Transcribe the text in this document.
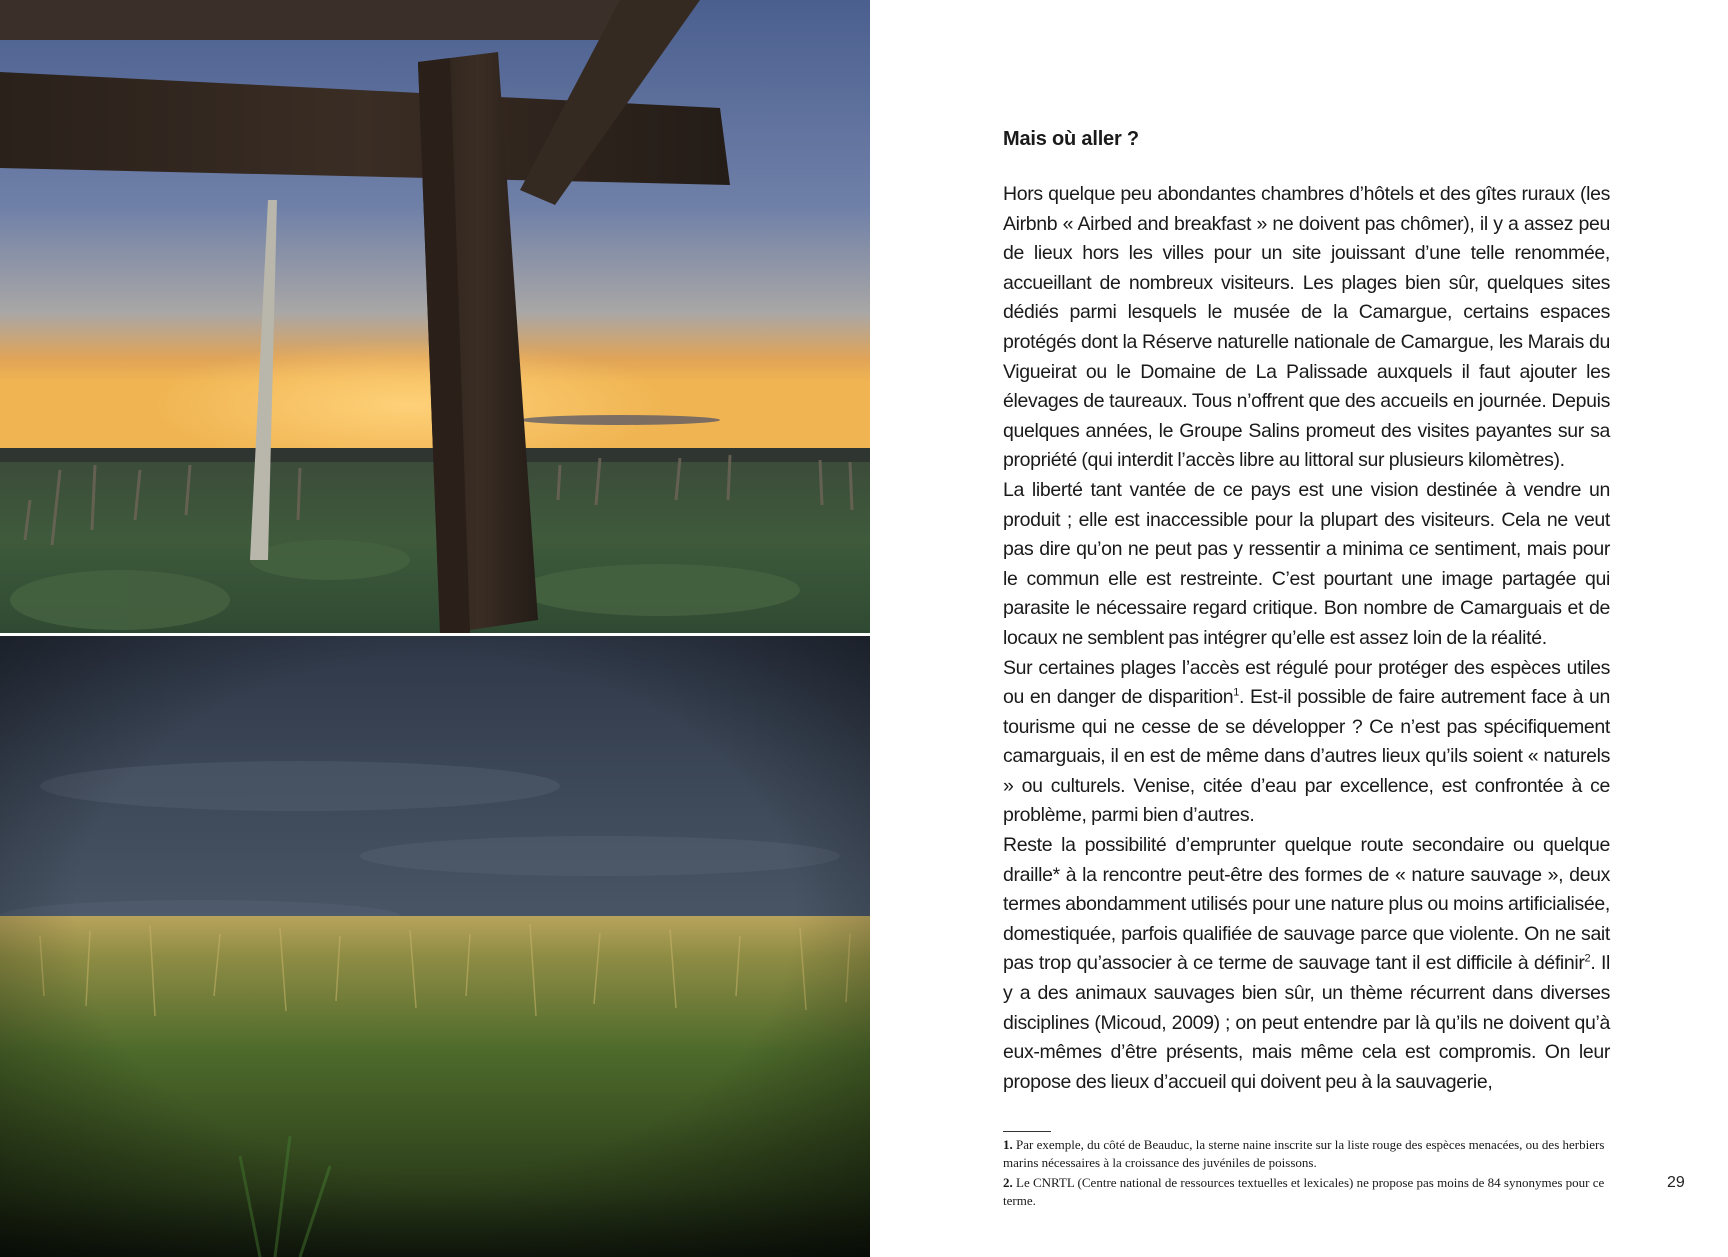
Mais où aller ?

Hors quelque peu abondantes chambres d’hôtels et des gîtes ruraux (les Airbnb « Airbed and breakfast » ne doivent pas chômer), il y a assez peu de lieux hors les villes pour un site jouissant d’une telle renommée, accueillant de nombreux visiteurs. Les plages bien sûr, quelques sites dédiés parmi lesquels le musée de la Camargue, certains espaces protégés dont la Réserve naturelle nationale de Camargue, les Marais du Vigueirat ou le Domaine de La Palissade auxquels il faut ajouter les élevages de taureaux. Tous n’offrent que des accueils en journée. Depuis quelques années, le Groupe Salins promeut des visites payantes sur sa propriété (qui interdit l’accès libre au littoral sur plusieurs kilomètres).

La liberté tant vantée de ce pays est une vision destinée à vendre un produit ; elle est inaccessible pour la plupart des visiteurs. Cela ne veut pas dire qu’on ne peut pas y ressentir a minima ce sentiment, mais pour le commun elle est restreinte. C’est pourtant une image partagée qui parasite le nécessaire regard critique. Bon nombre de Camarguais et de locaux ne semblent pas intégrer qu’elle est assez loin de la réalité.

Sur certaines plages l’accès est régulé pour protéger des espèces utiles ou en danger de disparition$^1$. Est-il possible de faire autrement face à un tourisme qui ne cesse de se développer ? Ce n’est pas spécifiquement camarguais, il en est de même dans d’autres lieux qu’ils soient « naturels » ou culturels. Venise, citée d’eau par excellence, est confrontée à ce problème, parmi bien d’autres.

Reste la possibilité d’emprunter quelque route secondaire ou quelque draille* à la rencontre peut-être des formes de « nature sauvage », deux termes abondamment utilisés pour une nature plus ou moins artificialisée, domestiquée, parfois qualifiée de sauvage parce que violente. On ne sait pas trop qu’associer à ce terme de sauvage tant il est difficile à définir$^2$. Il y a des animaux sauvages bien sûr, un thème récurrent dans diverses disciplines (Micoud, 2009) ; on peut entendre par là qu’ils ne doivent qu’à eux-mêmes d’être présents, mais même cela est compromis. On leur propose des lieux d’accueil qui doivent peu à la sauvagerie,

1. Par exemple, du côté de Beauduc, la sterne naine inscrite sur la liste rouge des espèces menacées, ou des herbiers marins nécessaires à la croissance des juvéniles de poissons.

2. Le CNRTL (Centre national de ressources textuelles et lexicales) ne propose pas moins de 84 synonymes pour ce terme.

29
